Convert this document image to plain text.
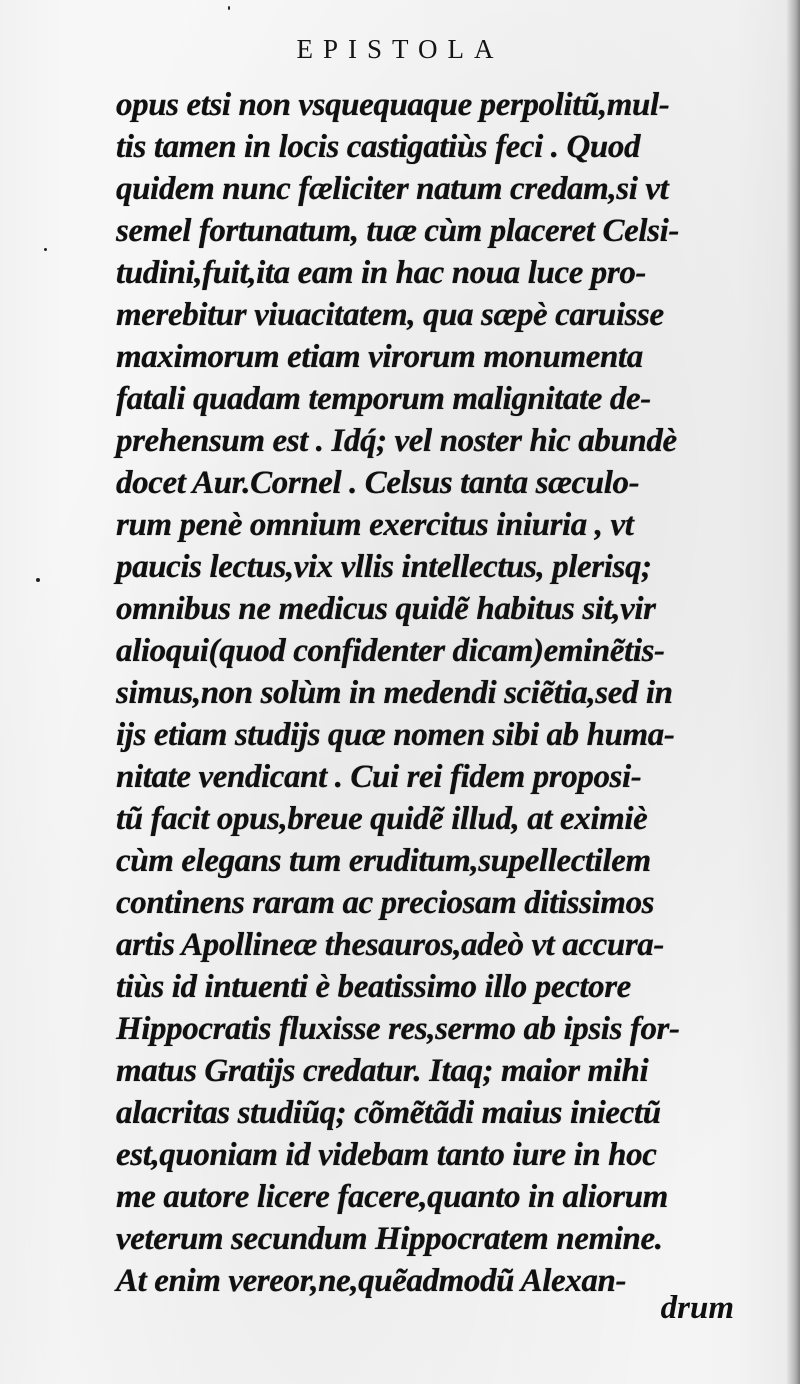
EPISTOLA
opus etsi non vsquequaque perpolitũ,mul-
tis tamen in locis castigatiùs feci . Quod
quidem nunc fæliciter natum credam,si vt
semel fortunatum, tuæ cùm placeret Celsi-
tudini,fuit,ita eam in hac noua luce pro-
merebitur viuacitatem, qua sæpè caruisse
maximorum etiam virorum monumenta
fatali quadam temporum malignitate de-
prehensum est . Idq́; vel noster hic abundè
docet Aur.Cornel . Celsus tanta sæculo-
rum penè omnium exercitus iniuria , vt
paucis lectus,vix vllis intellectus, plerisq;
omnibus ne medicus quidẽ habitus sit,vir
alioqui(quod confidenter dicam)eminẽtis-
simus,non solùm in medendi sciẽtia,sed in
ijs etiam studijs quæ nomen sibi ab huma-
nitate vendicant . Cui rei fidem proposi-
tũ facit opus,breue quidẽ illud, at eximiè
cùm elegans tum eruditum,supellectilem
continens raram ac preciosam ditissimos
artis Apollineæ thesauros,adeò vt accura-
tiùs id intuenti è beatissimo illo pectore
Hippocratis fluxisse res,sermo ab ipsis for-
matus Gratijs credatur. Itaq; maior mihi
alacritas studiũq; cõmẽtãdi maius iniectũ
est,quoniam id videbam tanto iure in hoc
me autore licere facere,quanto in aliorum
veterum secundum Hippocratem nemine.
At enim vereor,ne,quẽadmodũ Alexan-
drum
